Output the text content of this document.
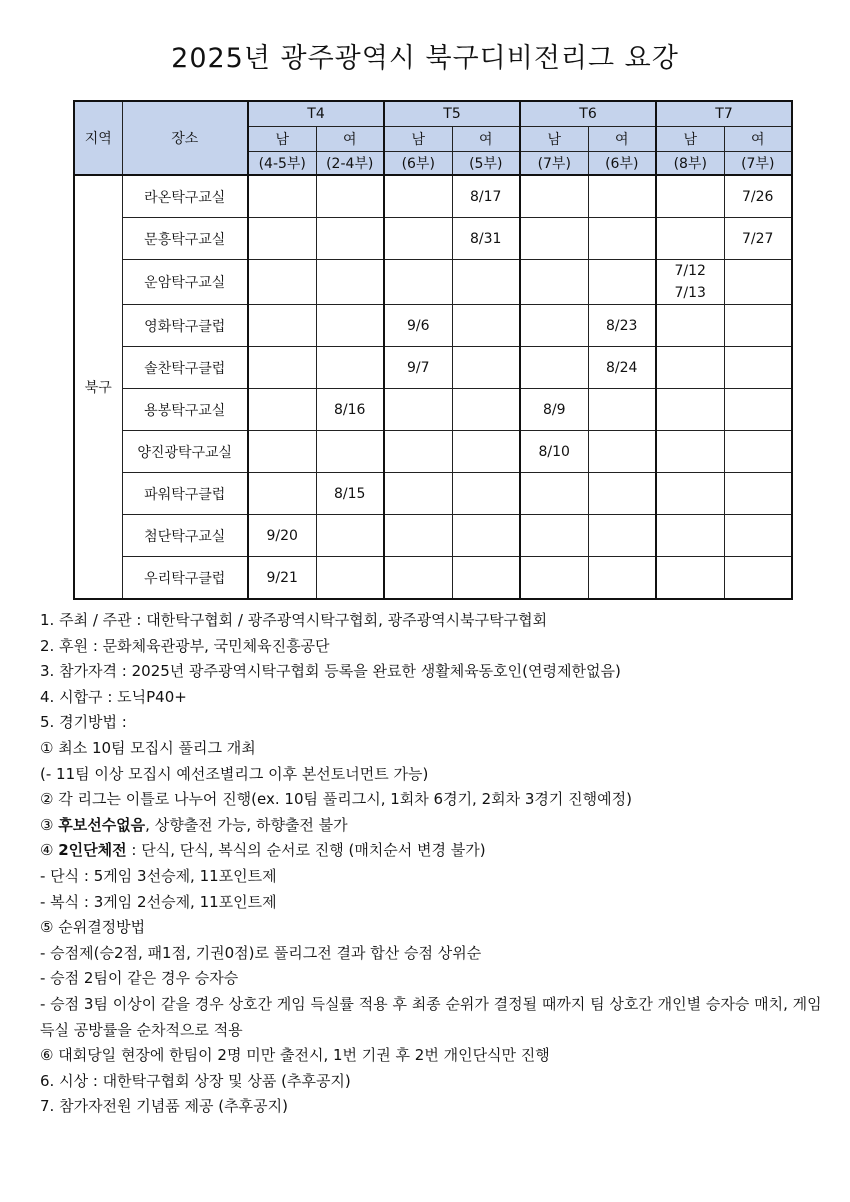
2025년 광주광역시 북구디비전리그 요강
지역	장소	T4		T5		T6		T7	
		남	여	남	여	남	여	남	여
		(4-5부)	(2-4부)	(6부)	(5부)	(7부)	(6부)	(8부)	(7부)
북구	라온탁구교실				8/17				7/26
	문흥탁구교실				8/31				7/27
	운암탁구교실							7/12
7/13	
	영화탁구클럽			9/6			8/23		
	솔찬탁구클럽			9/7			8/24		
	용봉탁구교실		8/16			8/9			
	양진광탁구교실					8/10			
	파워탁구클럽		8/15						
	첨단탁구교실	9/20							
	우리탁구클럽	9/21							
1. 주최 / 주관 : 대한탁구협회 / 광주광역시탁구협회, 광주광역시북구탁구협회
2. 후원 : 문화체육관광부, 국민체육진흥공단
3. 참가자격 : 2025년 광주광역시탁구협회 등록을 완료한 생활체육동호인(연령제한없음)
4. 시합구 : 도닉P40+
5. 경기방법 :
① 최소 10팀 모집시 풀리그 개최
(- 11팀 이상 모집시 예선조별리그 이후 본선토너먼트 가능)
② 각 리그는 이틀로 나누어 진행(ex. 10팀 풀리그시, 1회차 6경기, 2회차 3경기 진행예정)
③ 후보선수없음, 상향출전 가능, 하향출전 불가
④ 2인단체전 : 단식, 단식, 복식의 순서로 진행 (매치순서 변경 불가)
- 단식 : 5게임 3선승제, 11포인트제
- 복식 : 3게임 2선승제, 11포인트제
⑤ 순위결정방법
- 승점제(승2점, 패1점, 기권0점)로 풀리그전 결과 합산 승점 상위순
- 승점 2팀이 같은 경우 승자승
- 승점 3팀 이상이 같을 경우 상호간 게임 득실률 적용 후 최종 순위가 결정될 때까지 팀 상호간 개인별 승자승 매치, 게임 득실 공방률을 순차적으로 적용
⑥ 대회당일 현장에 한팀이 2명 미만 출전시, 1번 기권 후 2번 개인단식만 진행
6. 시상 : 대한탁구협회 상장 및 상품 (추후공지)
7. 참가자전원 기념품 제공 (추후공지)
